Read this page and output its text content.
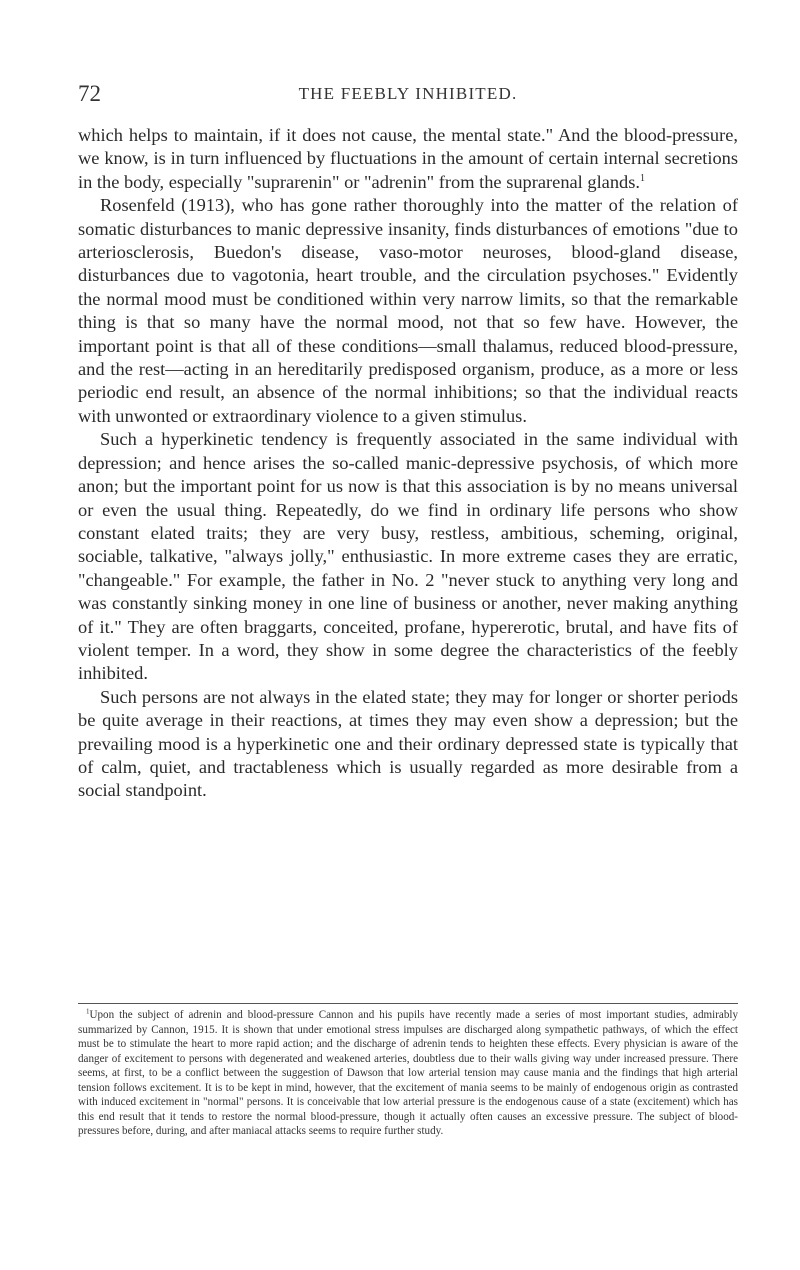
72	THE FEEBLY INHIBITED.

which helps to maintain, if it does not cause, the mental state." And the blood-pressure, we know, is in turn influenced by fluctuations in the amount of certain internal secretions in the body, especially "suprarenin" or "adrenin" from the suprarenal glands.$^1$

Rosenfeld (1913), who has gone rather thoroughly into the matter of the relation of somatic disturbances to manic depressive insanity, finds disturbances of emotions "due to arteriosclerosis, Buedon's disease, vaso-motor neuroses, blood-gland disease, disturbances due to vagotonia, heart trouble, and the circulation psychoses." Evidently the normal mood must be conditioned within very narrow limits, so that the remarkable thing is that so many have the normal mood, not that so few have. However, the important point is that all of these conditions—small thalamus, reduced blood-pressure, and the rest—acting in an hereditarily predisposed organism, produce, as a more or less periodic end result, an absence of the normal inhibitions; so that the individual reacts with unwonted or extraordinary violence to a given stimulus.

Such a hyperkinetic tendency is frequently associated in the same individual with depression; and hence arises the so-called manic-depressive psychosis, of which more anon; but the important point for us now is that this association is by no means universal or even the usual thing. Repeatedly, do we find in ordinary life persons who show constant elated traits; they are very busy, restless, ambitious, scheming, original, sociable, talkative, "always jolly," enthusiastic. In more extreme cases they are erratic, "changeable." For example, the father in No. 2 "never stuck to anything very long and was constantly sinking money in one line of business or another, never making anything of it." They are often braggarts, conceited, profane, hypererotic, brutal, and have fits of violent temper. In a word, they show in some degree the characteristics of the feebly inhibited.

Such persons are not always in the elated state; they may for longer or shorter periods be quite average in their reactions, at times they may even show a depression; but the prevailing mood is a hyperkinetic one and their ordinary depressed state is typically that of calm, quiet, and tractableness which is usually regarded as more desirable from a social standpoint.

$^1$Upon the subject of adrenin and blood-pressure Cannon and his pupils have recently made a series of most important studies, admirably summarized by Cannon, 1915. It is shown that under emotional stress impulses are discharged along sympathetic pathways, of which the effect must be to stimulate the heart to more rapid action; and the discharge of adrenin tends to heighten these effects. Every physician is aware of the danger of excitement to persons with degenerated and weakened arteries, doubtless due to their walls giving way under increased pressure. There seems, at first, to be a conflict between the suggestion of Dawson that low arterial tension may cause mania and the findings that high arterial tension follows excitement. It is to be kept in mind, however, that the excitement of mania seems to be mainly of endogenous origin as contrasted with induced excitement in "normal" persons. It is conceivable that low arterial pressure is the endogenous cause of a state (excitement) which has this end result that it tends to restore the normal blood-pressure, though it actually often causes an excessive pressure. The subject of blood-pressures before, during, and after maniacal attacks seems to require further study.
